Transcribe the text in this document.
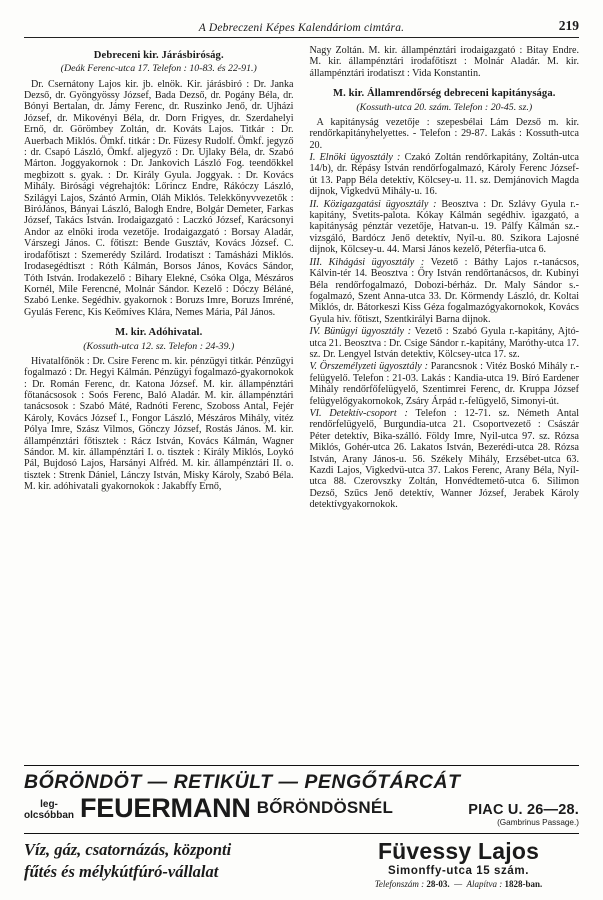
A Debreczeni Képes Kalendáriom cimtára.	219
Debreceni kir. Járásbiróság.
(Deák Ferenc-utca 17. Telefon : 10-83. és 22-91.)
Dr. Csernátony Lajos kir. jb. elnök. Kir. járásbiró : Dr. Janka Dezső, dr. Gyöngyössy József, Bada Dezső, dr. Pogány Béla, dr. Bónyi Bertalan, dr. Jámy Ferenc, dr. Ruszinko Jenő, dr. Ujházi József, dr. Mikovényi Béla, dr. Dorn Frigyes, dr. Szerdahelyi Ernő, dr. Görömbey Zoltán, dr. Kováts Lajos. Titkár : Dr. Auerbach Miklós. Ömkf. titkár : Dr. Füzesy Rudolf. Ömkf. jegyző : dr. Csapó László, Ömkf. aljegyző : Dr. Ujlaky Béla, dr. Szabó Márton. Joggyakornok : Dr. Jankovich László Fog. teendőkkel megbizott s. gyak. : Dr. Király Gyula. Joggyak. : Dr. Kovács Mihály. Birósági végrehajtók: Lőrincz Endre, Rákóczy László, Szilágyi Lajos, Szántó Armin, Oláh Miklós. Telekkönyvvezetők : BiróJános, Bányai László, Balogh Endre, Bolgár Demeter, Farkas József, Takács István. Irodaigazgató : Laczkó József, Karácsonyi Andor az elnöki iroda vezetője. Irodaigazgató : Borsay Aladár, Várszegi János. C. főtiszt: Bende Gusztáv, Kovács József. C. irodafőtiszt : Szemerédy Szilárd. Irodatiszt : Tamásházi Miklós. Irodasegédtiszt : Róth Kálmán, Borsos János, Kovács Sándor, Tóth István. Irodakezelő : Bihary Elekné, Csóka Olga, Mészáros Kornél, Mile Ferencné, Molnár Sándor. Kezelő : Dóczy Béláné, Szabó Lenke. Segédhiv. gyakornok : Boruzs Imre, Boruzs Imréné, Gyulás Ferenc, Kis Keőmíves Klára, Nemes Mária, Pál János.
M. kir. Adóhivatal.
(Kossuth-utca 12. sz. Telefon : 24-39.)
Hivatalfőnök : Dr. Csire Ferenc m. kir. pénzügyi titkár. Pénzügyi fogalmazó : Dr. Hegyi Kálmán. Pénzügyi fogalmazó-gyakornokok : Dr. Román Ferenc, dr. Katona József. M. kir. állampénztári főtanácsosok : Soós Ferenc, Baló Aladár. M. kir. állampénztári tanácsosok : Szabó Máté, Radnóti Ferenc, Szoboss Antal, Fejér Károly, Kovács József I., Fongor László, Mészáros Mihály, vitéz Pólya Imre, Szász Vilmos, Gönczy József, Rostás János. M. kir. állampénztári főtisztek : Rácz István, Kovács Kálmán, Wagner Sándor. M. kir. állampénztári I. o. tisztek : Király Miklós, Loykó Pál, Bujdosó Lajos, Harsányi Alfréd. M. kir. állampénztári II. o. tisztek : Strenk Dániel, Lánczy István, Misky Károly, Szabó Béla. M. kir. adóhivatali gyakornokok : Jakabffy Ernő,
Nagy Zoltán. M. kir. állampénztári irodaigazgató : Bitay Endre. M. kir. állampénztári irodafőtiszt : Molnár Aladár. M. kir. állampénztári irodatiszt : Vida Konstantin.
M. kir. Államrendőrség debreceni kapitánysága.
(Kossuth-utca 20. szám. Telefon : 20-45. sz.)
A kapitányság vezetője : szepesbélai Lám Dezső m. kir. rendőrkapitányhelyettes. - Telefon : 29-87. Lakás : Kossuth-utca 20.
I. Elnöki ügyosztály : Czakó Zoltán rendőrkapitány, Zoltán-utca 14/b), dr. Répásy István rendőrfogalmazó, Károly Ferenc József-út 13. Papp Béla detektív, Kölcsey-u. 11. sz. Demjánovich Magda dijnok, Vigkedvü Mihály-u. 16.
II. Közigazgatási ügyosztály : Beosztva : Dr. Szlávy Gyula r.-kapitány, Svetits-palota. Kókay Kálmán segédhiv. igazgató, a kapitányság pénztár vezetője, Hatvan-u. 19. Pálfy Kálmán sz.-vizsgáló, Bardócz Jenő detektív, Nyíl-u. 80. Szikora Lajosné dijnok, Kölcsey-u. 44. Marsi János kezelő, Péterfia-utca 6.
III. Kihágási ügyosztály : Vezető : Báthy Lajos r.-tanácsos, Kálvin-tér 14. Beosztva : Őry István rendőrtanácsos, dr. Kubinyi Béla rendőrfogalmazó, Dobozi-bérház. Dr. Maly Sándor s.-fogalmazó, Szent Anna-utca 33. Dr. Körmendy László, dr. Koltai Miklós, dr. Bátorkeszi Kiss Géza fogalmazógyakornokok, Kovács Gyula hiv. főtiszt, Szentkirályi Barna dijnok.
IV. Bünügyi ügyosztály : Vezető : Szabó Gyula r.-kapitány, Ajtó-utca 21. Beosztva : Dr. Csige Sándor r.-kapitány, Maróthy-utca 17. sz. Dr. Lengyel István detektiv, Kölcsey-utca 17. sz.
V. Örszemélyzeti ügyosztály : Parancsnok : Vitéz Boskó Mihály r.-felügyelő. Telefon : 21-03. Lakás : Kandia-utca 19. Bíró Eardener Mihály rendőrfőfelügyelő, Szentimrei Ferenc, dr. Kruppa József felügyelőgyakornokok, Zsáry Árpád r.-felügyelő, Simonyi-út.
VI. Detektív-csoport : Telefon : 12-71. sz. Németh Antal rendőrfelügyelő, Burgundia-utca 21. Csoportvezető : Császár Péter detektív, Bika-szálló. Földy Imre, Nyil-utca 97. sz. Rózsa Miklós, Gohér-utca 26. Lakatos István, Bezerédi-utca 28. Rózsa István, Arany János-u. 56. Székely Mihály, Erzsébet-utca 63. Kazdi Lajos, Vigkedvü-utca 37. Lakos Ferenc, Arany Béla, Nyíl-utca 88. Czerovszky Zoltán, Honvédtemető-utca 6. Silimon Dezső, Szűcs Jenő detektív, Wanner József, Jerabek Károly detektívgyakornokok.
BŐRÖNDÖT — RETIKÜLT — PENGŐTÁRCÁT
leg-
olcsóbban FEUERMANN BŐRÖNDÖSNÉL	PIAC U. 26—28.
(Gambrinus Passage.)
Víz, gáz, csatornázás, központi
fűtés és mélykútfúró-vállalat
Füvessy Lajos
Simonffy-utca 15 szám.
Telefonszám : 28-03.  —  Alapítva : 1828-ban.
